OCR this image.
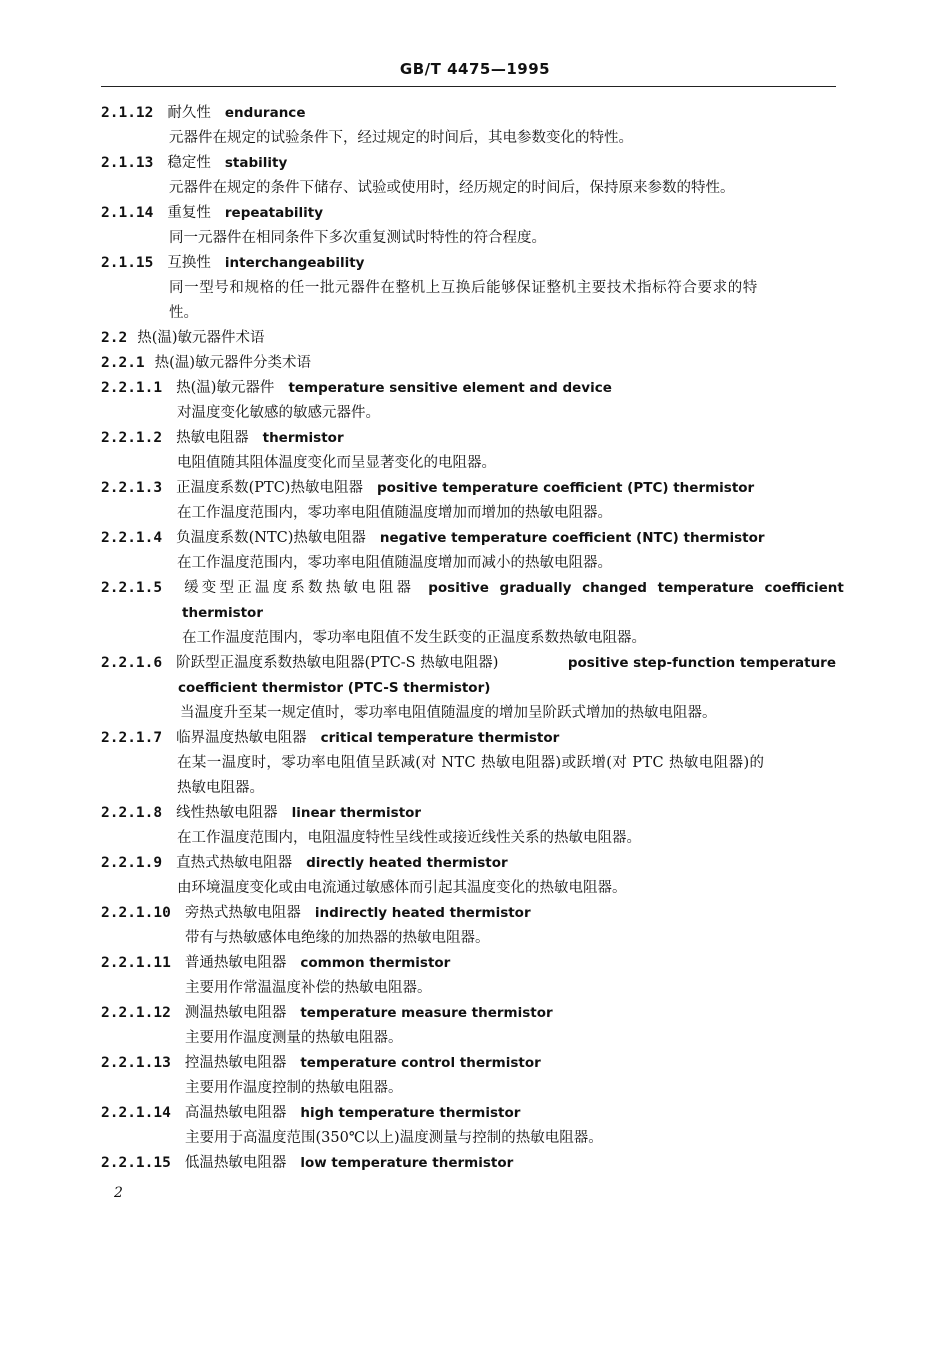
GB/T 4475—1995
2.1.12 耐久性 endurance
元器件在规定的试验条件下，经过规定的时间后，其电参数变化的特性。
2.1.13 稳定性 stability
元器件在规定的条件下储存、试验或使用时，经历规定的时间后，保持原来参数的特性。
2.1.14 重复性 repeatability
同一元器件在相同条件下多次重复测试时特性的符合程度。
2.1.15 互换性 interchangeability
同一型号和规格的任一批元器件在整机上互换后能够保证整机主要技术指标符合要求的特
性。
2.2 热(温)敏元器件术语
2.2.1 热(温)敏元器件分类术语
2.2.1.1 热(温)敏元器件 temperature sensitive element and device
对温度变化敏感的敏感元器件。
2.2.1.2 热敏电阻器 thermistor
电阻值随其阻体温度变化而呈显著变化的电阻器。
2.2.1.3 正温度系数(PTC)热敏电阻器 positive temperature coefficient (PTC) thermistor
在工作温度范围内，零功率电阻值随温度增加而增加的热敏电阻器。
2.2.1.4 负温度系数(NTC)热敏电阻器 negative temperature coefficient (NTC) thermistor
在工作温度范围内，零功率电阻值随温度增加而减小的热敏电阻器。
2.2.1.5 缓变型正温度系数热敏电阻器 positive gradually changed temperature coefficient
thermistor
在工作温度范围内，零功率电阻值不发生跃变的正温度系数热敏电阻器。
2.2.1.6 阶跃型正温度系数热敏电阻器(PTC-S 热敏电阻器)	positive step-function temperature
coefficient thermistor (PTC-S thermistor)
当温度升至某一规定值时，零功率电阻值随温度的增加呈阶跃式增加的热敏电阻器。
2.2.1.7 临界温度热敏电阻器 critical temperature thermistor
在某一温度时，零功率电阻值呈跃减(对 NTC 热敏电阻器)或跃增(对 PTC 热敏电阻器)的
热敏电阻器。
2.2.1.8 线性热敏电阻器 linear thermistor
在工作温度范围内，电阻温度特性呈线性或接近线性关系的热敏电阻器。
2.2.1.9 直热式热敏电阻器 directly heated thermistor
由环境温度变化或由电流通过敏感体而引起其温度变化的热敏电阻器。
2.2.1.10 旁热式热敏电阻器 indirectly heated thermistor
带有与热敏感体电绝缘的加热器的热敏电阻器。
2.2.1.11 普通热敏电阻器 common thermistor
主要用作常温温度补偿的热敏电阻器。
2.2.1.12 测温热敏电阻器 temperature measure thermistor
主要用作温度测量的热敏电阻器。
2.2.1.13 控温热敏电阻器 temperature control thermistor
主要用作温度控制的热敏电阻器。
2.2.1.14 高温热敏电阻器 high temperature thermistor
主要用于高温度范围(350℃以上)温度测量与控制的热敏电阻器。
2.2.1.15 低温热敏电阻器 low temperature thermistor
2
